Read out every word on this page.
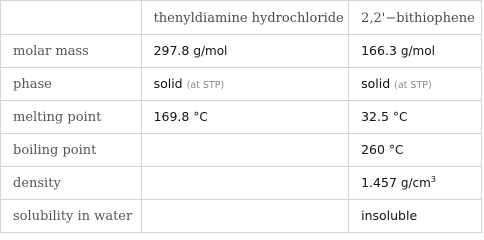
	thenyldiamine hydrochloride	2,2'−bithiophene
molar mass	297.8 g/mol	166.3 g/mol
phase	solid (at STP)	solid (at STP)
melting point	169.8 °C	32.5 °C
boiling point		260 °C
density		1.457 $g/cm^3$
solubility in water		insoluble
